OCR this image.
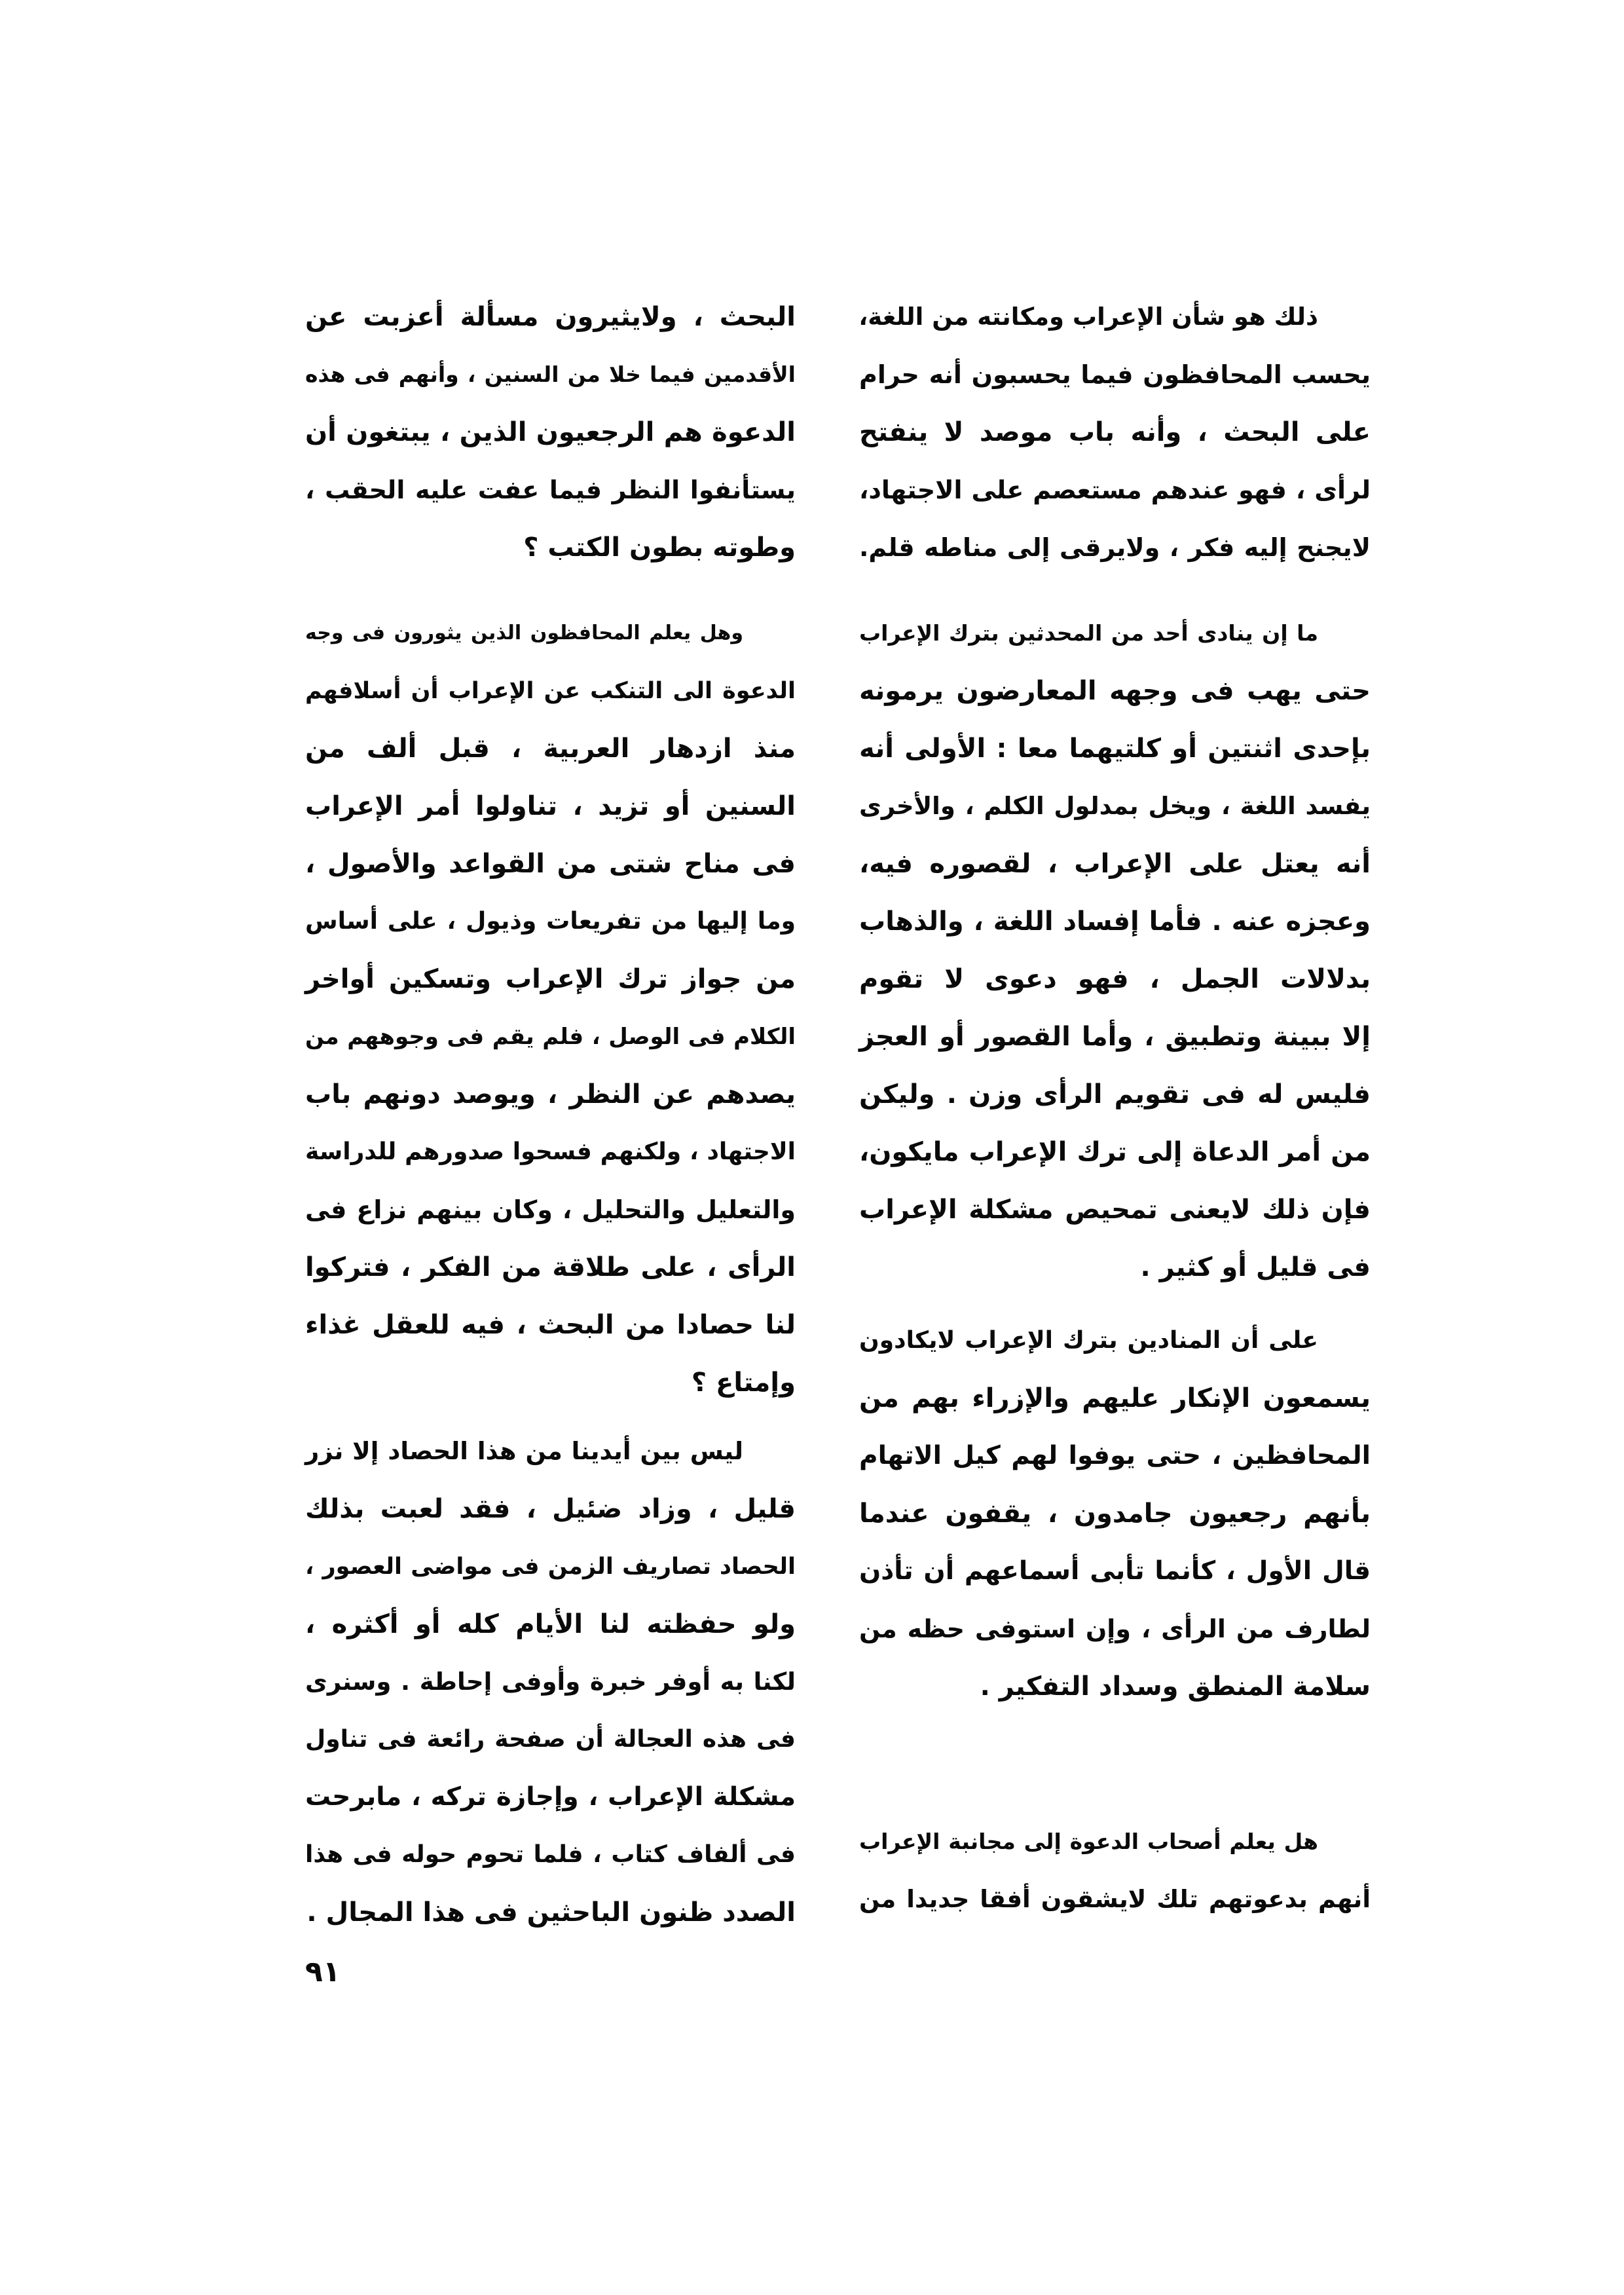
ذلك هو شأن الإعراب ومكانته من اللغة،
يحسب المحافظون فيما يحسبون أنه حرام
على البحث ، وأنه باب موصد لا ينفتح
لرأى ، فهو عندهم مستعصم على الاجتهاد،
لايجنح إليه فكر ، ولايرقى إلى مناطه قلم.
ما إن ينادى أحد من المحدثين بترك الإعراب
حتى يهب فى وجهه المعارضون يرمونه
بإحدى اثنتين أو كلتيهما معا : الأولى أنه
يفسد اللغة ، ويخل بمدلول الكلم ، والأخرى
أنه يعتل على الإعراب ، لقصوره فيه،
وعجزه عنه . فأما إفساد اللغة ، والذهاب
بدلالات الجمل ، فهو دعوى لا تقوم
إلا ببينة وتطبيق ، وأما القصور أو العجز
فليس له فى تقويم الرأى وزن . وليكن
من أمر الدعاة إلى ترك الإعراب مايكون،
فإن ذلك لايعنى تمحيص مشكلة الإعراب
فى قليل أو كثير .
على أن المنادين بترك الإعراب لايكادون
يسمعون الإنكار عليهم والإزراء بهم من
المحافظين ، حتى يوفوا لهم كيل الاتهام
بأنهم رجعيون جامدون ، يقفون عندما
قال الأول ، كأنما تأبى أسماعهم أن تأذن
لطارف من الرأى ، وإن استوفى حظه من
سلامة المنطق وسداد التفكير .
هل يعلم أصحاب الدعوة إلى مجانبة الإعراب
أنهم بدعوتهم تلك لايشقون أفقا جديدا من
البحث ، ولايثيرون مسألة أعزبت عن
الأقدمين فيما خلا من السنين ، وأنهم فى هذه
الدعوة هم الرجعيون الذين ، يبتغون أن
يستأنفوا النظر فيما عفت عليه الحقب ،
وطوته بطون الكتب ؟
وهل يعلم المحافظون الذين يثورون فى وجه
الدعوة الى التنكب عن الإعراب أن أسلافهم
منذ ازدهار العربية ، قبل ألف من
السنين أو تزيد ، تناولوا أمر الإعراب
فى مناح شتى من القواعد والأصول ،
وما إليها من تفريعات وذيول ، على أساس
من جواز ترك الإعراب وتسكين أواخر
الكلام فى الوصل ، فلم يقم فى وجوههم من
يصدهم عن النظر ، ويوصد دونهم باب
الاجتهاد ، ولكنهم فسحوا صدورهم للدراسة
والتعليل والتحليل ، وكان بينهم نزاع فى
الرأى ، على طلاقة من الفكر ، فتركوا
لنا حصادا من البحث ، فيه للعقل غذاء
وإمتاع ؟
ليس بين أيدينا من هذا الحصاد إلا نزر
قليل ، وزاد ضئيل ، فقد لعبت بذلك
الحصاد تصاريف الزمن فى مواضى العصور ،
ولو حفظته لنا الأيام كله أو أكثره ،
لكنا به أوفر خبرة وأوفى إحاطة . وسنرى
فى هذه العجالة أن صفحة رائعة فى تناول
مشكلة الإعراب ، وإجازة تركه ، مابرحت
فى ألفاف كتاب ، فلما تحوم حوله فى هذا
الصدد ظنون الباحثين فى هذا المجال .
٩١
